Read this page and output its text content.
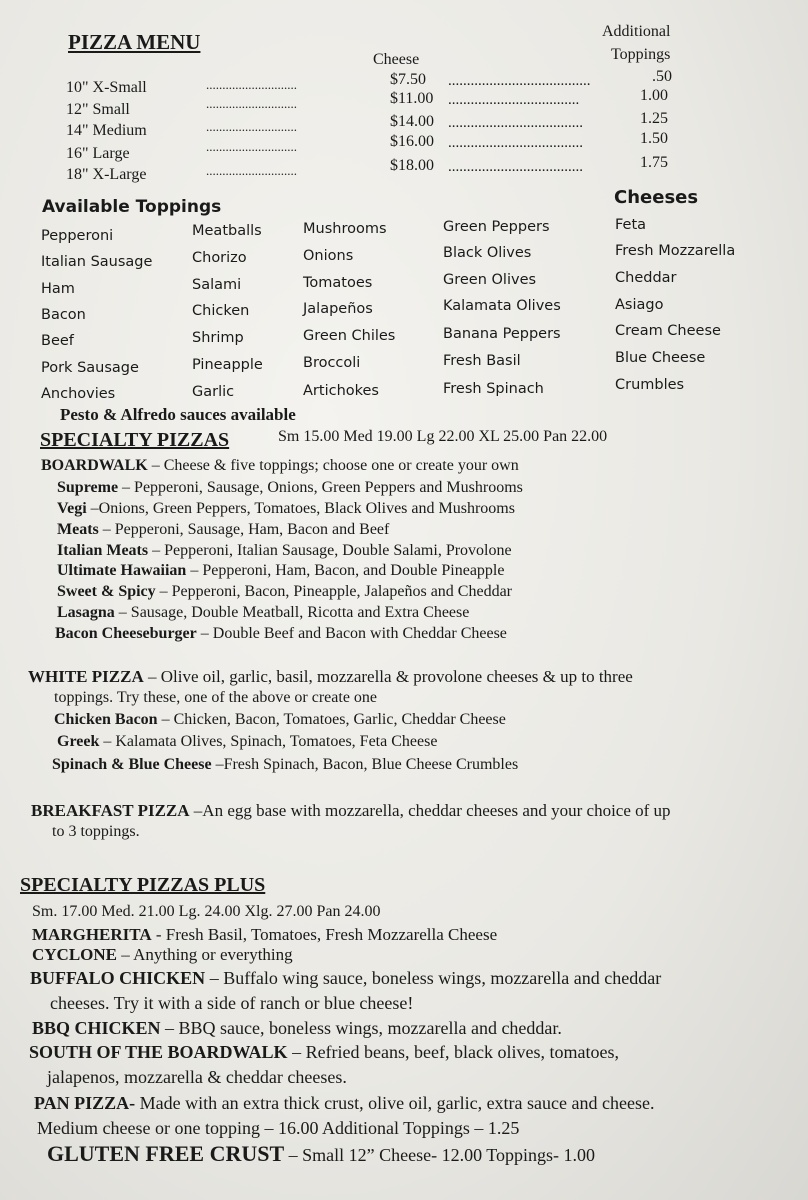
PIZZA MENU
Cheese
Additional
Toppings
10" X-Small	............................	$7.50 ......................................	.50
12" Small	............................	$11.00 ...................................	1.00
14" Medium	............................	$14.00 ....................................	1.25
16" Large	............................	$16.00 ....................................	1.50
18" X-Large	............................	$18.00 ....................................	1.75
Available Toppings	Cheeses
Pepperoni
Italian Sausage
Ham
Bacon
Beef
Pork Sausage
Anchovies
Meatballs
Chorizo
Salami
Chicken
Shrimp
Pineapple
Garlic
Mushrooms
Onions
Tomatoes
Jalapeños
Green Chiles
Broccoli
Artichokes
Green Peppers
Black Olives
Green Olives
Kalamata Olives
Banana Peppers
Fresh Basil
Fresh Spinach
Feta
Fresh Mozzarella
Cheddar
Asiago
Cream Cheese
Blue Cheese
Crumbles
Pesto & Alfredo sauces available
SPECIALTY PIZZAS	Sm 15.00 Med 19.00 Lg 22.00 XL 25.00 Pan 22.00
BOARDWALK – Cheese & five toppings; choose one or create your own
Supreme – Pepperoni, Sausage, Onions, Green Peppers and Mushrooms
Vegi –Onions, Green Peppers, Tomatoes, Black Olives and Mushrooms
Meats – Pepperoni, Sausage, Ham, Bacon and Beef
Italian Meats – Pepperoni, Italian Sausage, Double Salami, Provolone
Ultimate Hawaiian – Pepperoni, Ham, Bacon, and Double Pineapple
Sweet & Spicy – Pepperoni, Bacon, Pineapple, Jalapeños and Cheddar
Lasagna – Sausage, Double Meatball, Ricotta and Extra Cheese
Bacon Cheeseburger – Double Beef and Bacon with Cheddar Cheese
WHITE PIZZA – Olive oil, garlic, basil, mozzarella & provolone cheeses & up to three
toppings. Try these, one of the above or create one
Chicken Bacon – Chicken, Bacon, Tomatoes, Garlic, Cheddar Cheese
Greek – Kalamata Olives, Spinach, Tomatoes, Feta Cheese
Spinach & Blue Cheese –Fresh Spinach, Bacon, Blue Cheese Crumbles
BREAKFAST PIZZA –An egg base with mozzarella, cheddar cheeses and your choice of up
to 3 toppings.
SPECIALTY PIZZAS PLUS
Sm. 17.00 Med. 21.00 Lg. 24.00 Xlg. 27.00 Pan 24.00
MARGHERITA - Fresh Basil, Tomatoes, Fresh Mozzarella Cheese
CYCLONE – Anything or everything
BUFFALO CHICKEN – Buffalo wing sauce, boneless wings, mozzarella and cheddar
cheeses. Try it with a side of ranch or blue cheese!
BBQ CHICKEN – BBQ sauce, boneless wings, mozzarella and cheddar.
SOUTH OF THE BOARDWALK – Refried beans, beef, black olives, tomatoes,
jalapenos, mozzarella & cheddar cheeses.
PAN PIZZA- Made with an extra thick crust, olive oil, garlic, extra sauce and cheese.
Medium cheese or one topping – 16.00 Additional Toppings – 1.25
GLUTEN FREE CRUST – Small 12” Cheese- 12.00 Toppings- 1.00
